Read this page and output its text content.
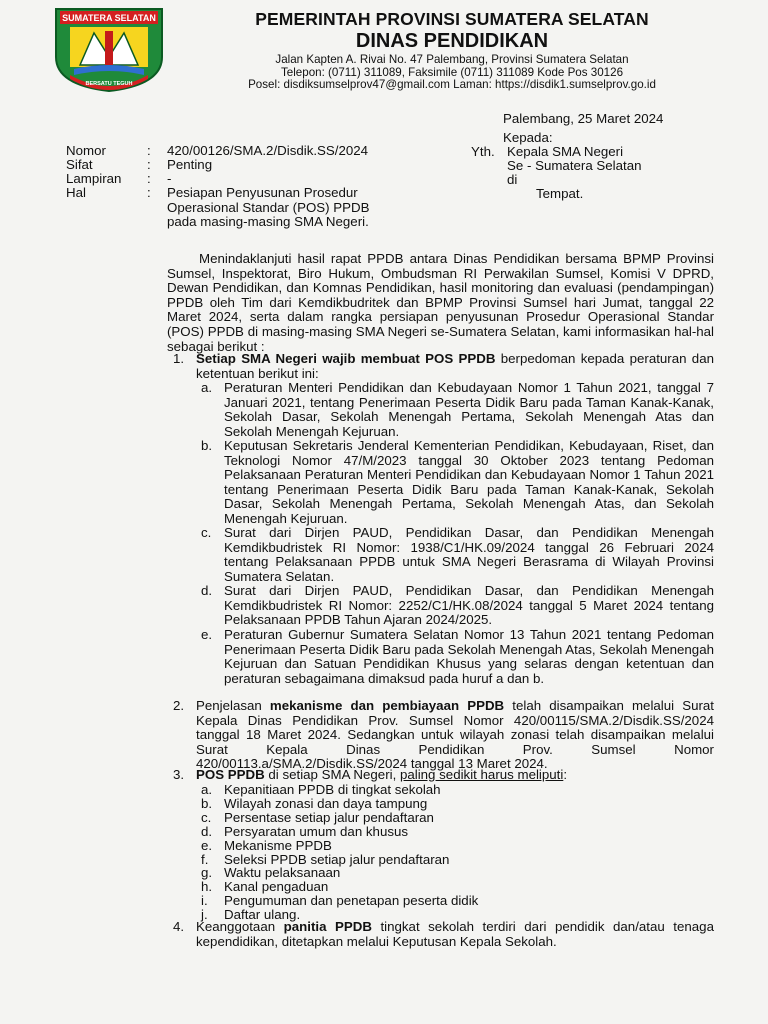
SUMATERA SELATAN
BERSATU TEGUH
PEMERINTAH PROVINSI SUMATERA SELATAN
DINAS PENDIDIKAN
Jalan Kapten A. Rivai No. 47 Palembang, Provinsi Sumatera Selatan
Telepon: (0711) 311089, Faksimile (0711) 311089 Kode Pos 30126
Posel: disdiksumselprov47@gmail.com Laman: https://disdik1.sumselprov.go.id
Palembang, 25 Maret 2024
Kepada:
Nomor	: 420/00126/SMA.2/Disdik.SS/2024
Sifat	: Penting
Lampiran : -
Hal	: Pesiapan Penyusunan Prosedur Operasional Standar (POS) PPDB pada masing-masing SMA Negeri.
Yth. Kepala SMA Negeri
Se - Sumatera Selatan
di
Tempat.
Menindaklanjuti hasil rapat PPDB antara Dinas Pendidikan bersama BPMP Provinsi Sumsel, Inspektorat, Biro Hukum, Ombudsman RI Perwakilan Sumsel, Komisi V DPRD, Dewan Pendidikan, dan Komnas Pendidikan, hasil monitoring dan evaluasi (pendampingan) PPDB oleh Tim dari Kemdikbudritek dan BPMP Provinsi Sumsel hari Jumat, tanggal 22 Maret 2024, serta dalam rangka persiapan penyusunan Prosedur Operasional Standar (POS) PPDB di masing-masing SMA Negeri se-Sumatera Selatan, kami informasikan hal-hal sebagai berikut :
1. Setiap SMA Negeri wajib membuat POS PPDB berpedoman kepada peraturan dan ketentuan berikut ini:
a. Peraturan Menteri Pendidikan dan Kebudayaan Nomor 1 Tahun 2021, tanggal 7 Januari 2021, tentang Penerimaan Peserta Didik Baru pada Taman Kanak-Kanak, Sekolah Dasar, Sekolah Menengah Pertama, Sekolah Menengah Atas dan Sekolah Menengah Kejuruan.
b. Keputusan Sekretaris Jenderal Kementerian Pendidikan, Kebudayaan, Riset, dan Teknologi Nomor 47/M/2023 tanggal 30 Oktober 2023 tentang Pedoman Pelaksanaan Peraturan Menteri Pendidikan dan Kebudayaan Nomor 1 Tahun 2021 tentang Penerimaan Peserta Didik Baru pada Taman Kanak-Kanak, Sekolah Dasar, Sekolah Menengah Pertama, Sekolah Menengah Atas, dan Sekolah Menengah Kejuruan.
c. Surat dari Dirjen PAUD, Pendidikan Dasar, dan Pendidikan Menengah Kemdikbudristek RI Nomor: 1938/C1/HK.09/2024 tanggal 26 Februari 2024 tentang Pelaksanaan PPDB untuk SMA Negeri Berasrama di Wilayah Provinsi Sumatera Selatan.
d. Surat dari Dirjen PAUD, Pendidikan Dasar, dan Pendidikan Menengah Kemdikbudristek RI Nomor: 2252/C1/HK.08/2024 tanggal 5 Maret 2024 tentang Pelaksanaan PPDB Tahun Ajaran 2024/2025.
e. Peraturan Gubernur Sumatera Selatan Nomor 13 Tahun 2021 tentang Pedoman Penerimaan Peserta Didik Baru pada Sekolah Menengah Atas, Sekolah Menengah Kejuruan dan Satuan Pendidikan Khusus yang selaras dengan ketentuan dan peraturan sebagaimana dimaksud pada huruf a dan b.
2. Penjelasan mekanisme dan pembiayaan PPDB telah disampaikan melalui Surat Kepala Dinas Pendidikan Prov. Sumsel Nomor 420/00115/SMA.2/Disdik.SS/2024 tanggal 18 Maret 2024. Sedangkan untuk wilayah zonasi telah disampaikan melalui Surat Kepala Dinas Pendidikan Prov. Sumsel Nomor 420/00113.a/SMA.2/Disdik.SS/2024 tanggal 13 Maret 2024.
3. POS PPDB di setiap SMA Negeri, paling sedikit harus meliputi:
a. Kepanitiaan PPDB di tingkat sekolah
b. Wilayah zonasi dan daya tampung
c. Persentase setiap jalur pendaftaran
d. Persyaratan umum dan khusus
e. Mekanisme PPDB
f. Seleksi PPDB setiap jalur pendaftaran
g. Waktu pelaksanaan
h. Kanal pengaduan
i. Pengumuman dan penetapan peserta didik
j. Daftar ulang.
4. Keanggotaan panitia PPDB tingkat sekolah terdiri dari pendidik dan/atau tenaga kependidikan, ditetapkan melalui Keputusan Kepala Sekolah.
